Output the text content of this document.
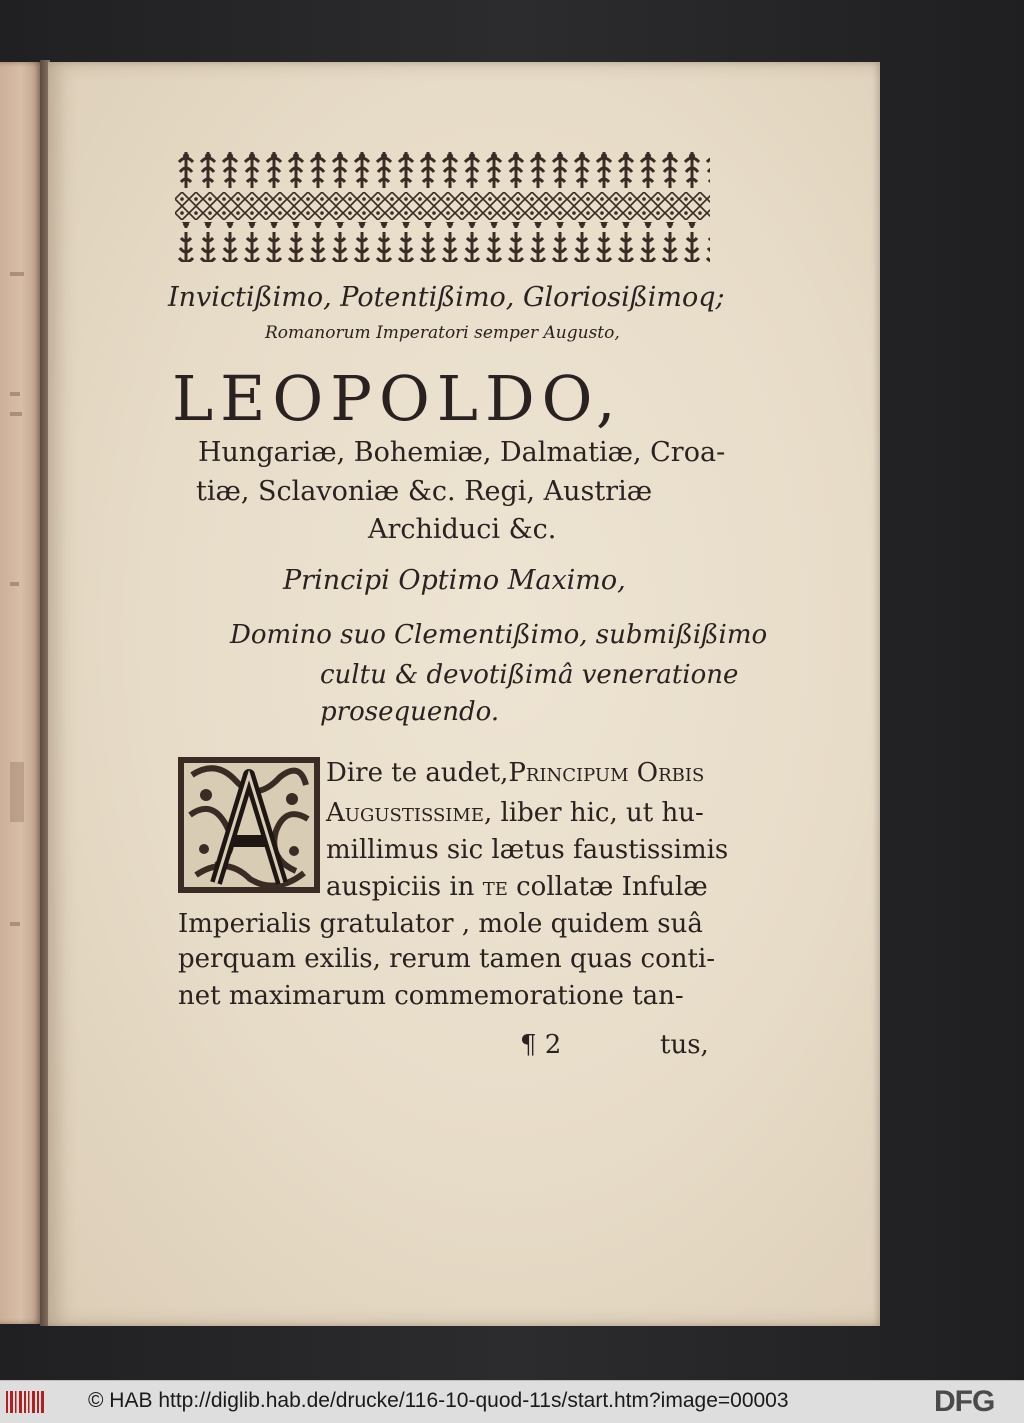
Invictißimo, Potentißimo, Gloriosißimoq;

Romanorum Imperatori semper Augusto,

LEOPOLDO,

Hungariæ, Bohemiæ, Dalmatiæ, Croa-

tiæ, Sclavoniæ &c. Regi, Austriæ

Archiduci &c.

Principi Optimo Maximo,

Domino suo Clementißimo, submißißimo

cultu & devotißimâ veneratione

prosequendo.

Dire te audet,Principum Orbis

Augustissime, liber hic, ut hu-

millimus sic lætus faustissimis

auspiciis in te collatæ Infulæ

Imperialis gratulator , mole quidem suâ

perquam exilis, rerum tamen quas conti-

net maximarum commemoratione tan-

¶ 2	tus,

© HAB http://diglib.hab.de/drucke/116-10-quod-11s/start.htm?image=00003	DFG
